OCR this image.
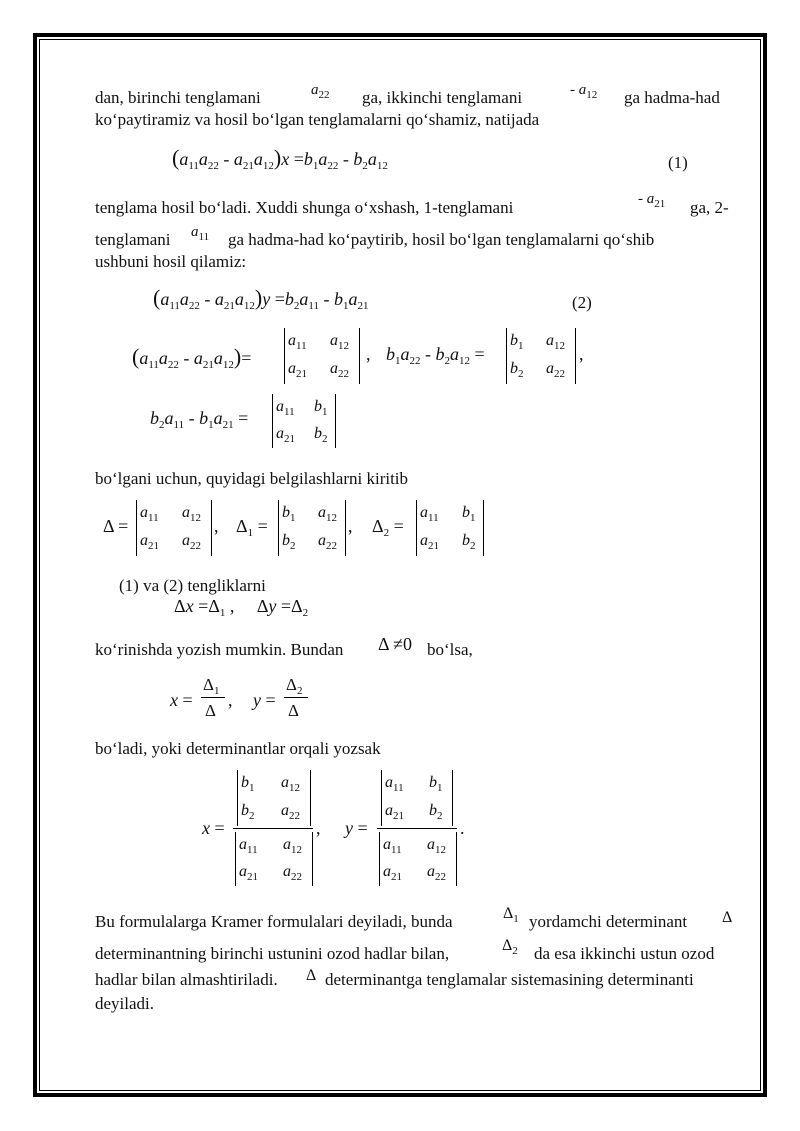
dan, birinchi tenglamani	$a_{22}$ ga, ikkinchi tenglamani	- $a_{12}$ ga hadma-had
ko‘paytiramiz va hosil bo‘lgan tenglamalarni qo‘shamiz, natijada
$(a_{11}a_{22} - a_{21}a_{12})x =b_1a_{22} - b_2a_{12}$	(1)
tenglama hosil bo‘ladi. Xuddi shunga o‘xshash, 1-tenglamani	- $a_{21}$ ga, 2-
tenglamani $a_{11}$ ga hadma-had ko‘paytirib, hosil bo‘lgan tenglamalarni qo‘shib
ushbuni hosil qilamiz:
$(a_{11}a_{22} - a_{21}a_{12})y =b_2a_{11} - b_1a_{21}$	(2)
$(a_{11}a_{22} - a_{21}a_{12})=$
$a_{11}$ $a_{12}$
$a_{21}$ $a_{22}$
, $b_1a_{22} - b_2a_{12}$ =
$b_1$ $a_{12}$
$b_2$ $a_{22}$
,
$b_2a_{11} - b_1a_{21}$ =
$a_{11}$ $b_1$
$a_{21}$ $b_2$
bo‘lgani uchun, quyidagi belgilashlarni kiritib
Δ =
$a_{11}$ $a_{12}$
$a_{21}$ $a_{22}$
, $\Delta_1$ =
$b_1$ $a_{12}$
$b_2$ $a_{22}$
, $\Delta_2$ =
$a_{11}$ $b_1$
$a_{21}$ $b_2$
(1) va (2) tengliklarni
$\Delta x =\Delta_1$ ,     $\Delta y =\Delta_2$
ko‘rinishda yozish mumkin. Bundan Δ ≠0 bo‘lsa,
x =
$\Delta_1$
Δ
, y =
$\Delta_2$
Δ
bo‘ladi, yoki determinantlar orqali yozsak
x =
$b_1$ $a_{12}$
$b_2$ $a_{22}$
$a_{11}$ $a_{12}$
$a_{21}$ $a_{22}$
, y =
$a_{11}$ $b_1$
$a_{21}$ $b_2$
$a_{11}$ $a_{12}$
$a_{21}$ $a_{22}$
.
Bu formulalarga Kramer formulalari deyiladi, bunda	$\Delta_1$ yordamchi determinant Δ
determinantning birinchi ustunini ozod hadlar bilan,	$\Delta_2$ da esa ikkinchi ustun ozod
hadlar bilan almashtiriladi. Δ determinantga tenglamalar sistemasining determinanti
deyiladi.
